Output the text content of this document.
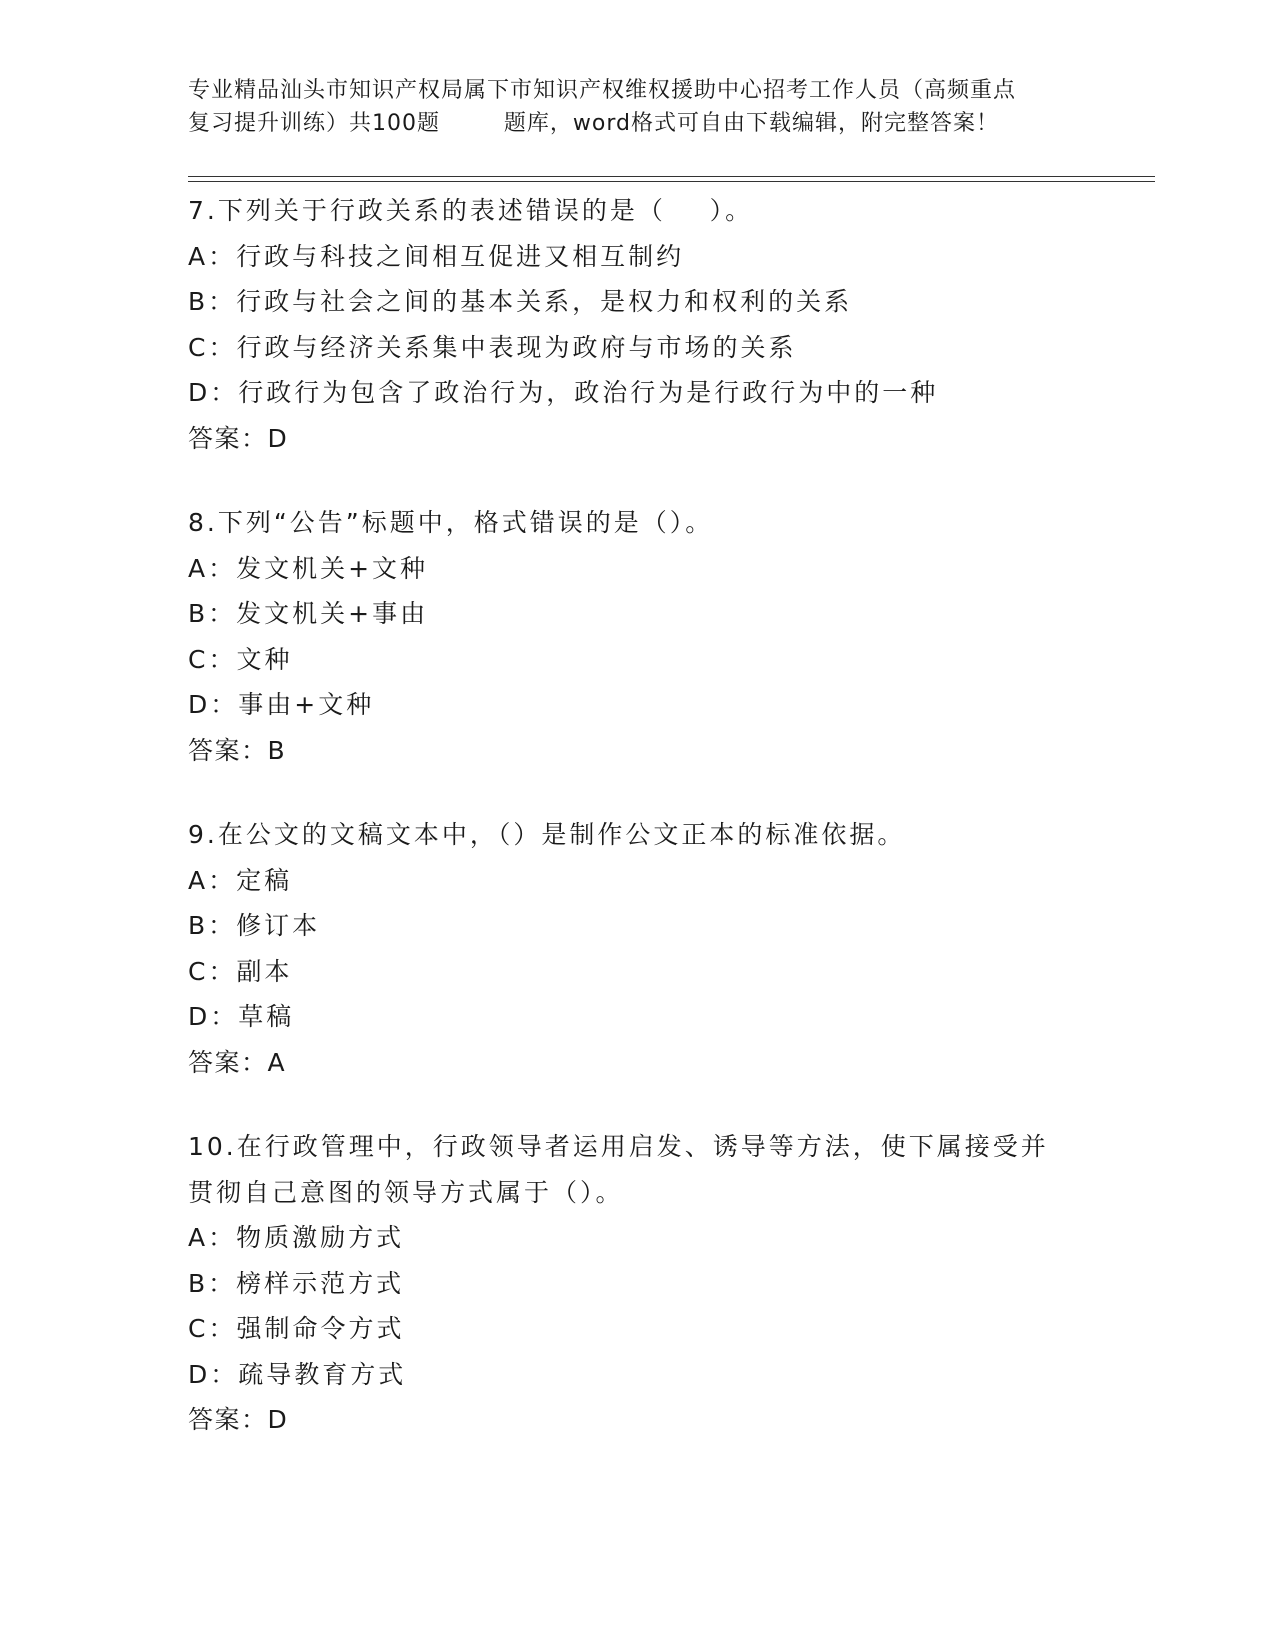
专业精品汕头市知识产权局属下市知识产权维权援助中心招考工作人员（高频重点
复习提升训练）共100题        题库，word格式可自由下载编辑，附完整答案！
7.下列关于行政关系的表述错误的是（    ）。
A：行政与科技之间相互促进又相互制约
B：行政与社会之间的基本关系，是权力和权利的关系
C：行政与经济关系集中表现为政府与市场的关系
D：行政行为包含了政治行为，政治行为是行政行为中的一种
答案：D
8.下列“公告”标题中，格式错误的是（）。
A：发文机关+文种
B：发文机关+事由
C：文种
D：事由+文种
答案：B
9.在公文的文稿文本中，（）是制作公文正本的标准依据。
A：定稿
B：修订本
C：副本
D：草稿
答案：A
10.在行政管理中，行政领导者运用启发、诱导等方法，使下属接受并
贯彻自己意图的领导方式属于（）。
A：物质激励方式
B：榜样示范方式
C：强制命令方式
D：疏导教育方式
答案：D
